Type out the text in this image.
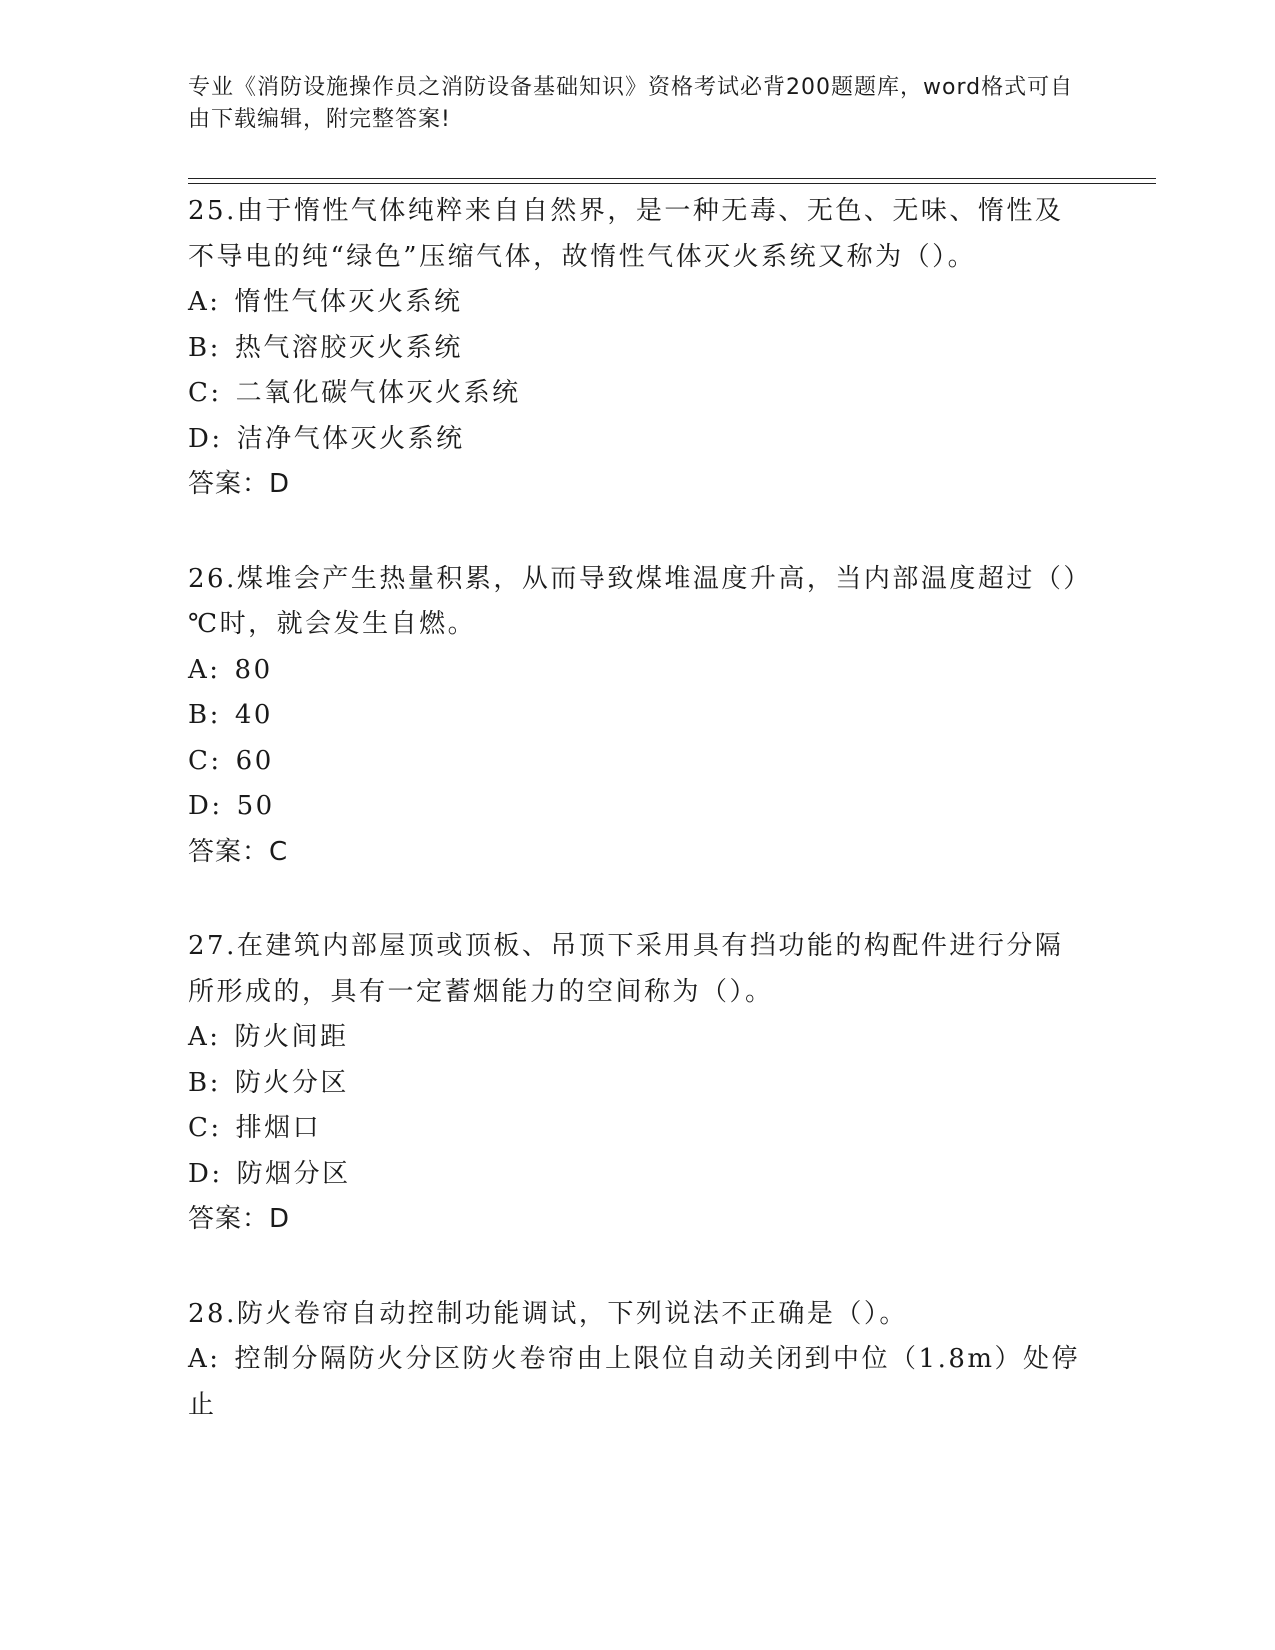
专业《消防设施操作员之消防设备基础知识》资格考试必背200题题库，word格式可自由下载编辑，附完整答案!

25.由于惰性气体纯粹来自自然界，是一种无毒、无色、无味、惰性及不导电的纯“绿色”压缩气体，故惰性气体灭火系统又称为（）。

A: 惰性气体灭火系统

B: 热气溶胶灭火系统

C: 二氧化碳气体灭火系统

D: 洁净气体灭火系统

答案：D

26.煤堆会产生热量积累，从而导致煤堆温度升高，当内部温度超过（）℃时，就会发生自燃。

A: 80

B: 40

C: 60

D: 50

答案：C

27.在建筑内部屋顶或顶板、吊顶下采用具有挡功能的构配件进行分隔所形成的，具有一定蓄烟能力的空间称为（）。

A: 防火间距

B: 防火分区

C: 排烟口

D: 防烟分区

答案：D

28.防火卷帘自动控制功能调试，下列说法不正确是（）。

A: 控制分隔防火分区防火卷帘由上限位自动关闭到中位（1.8m）处停止
